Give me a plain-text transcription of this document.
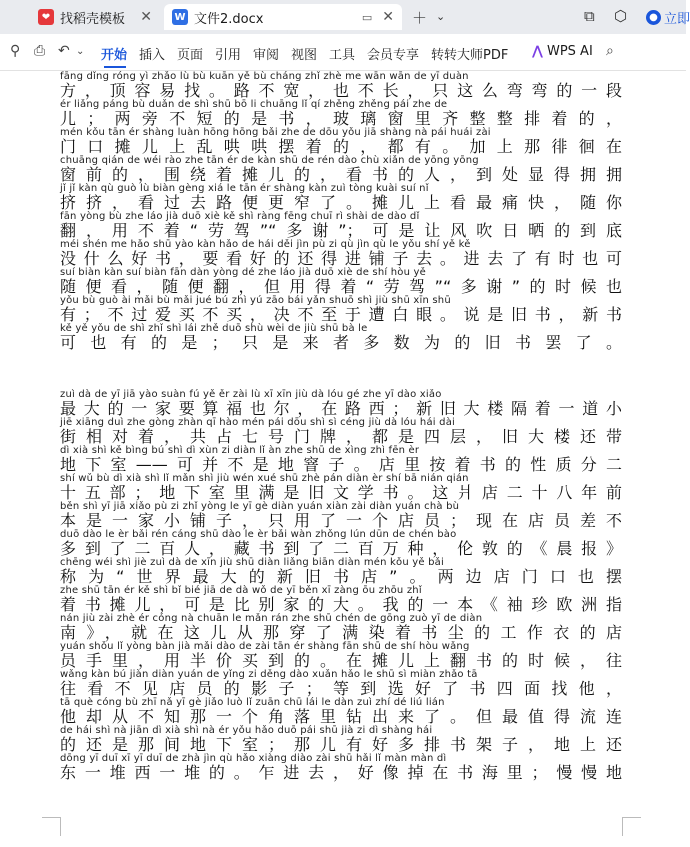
❤ 找稻壳模板	✕ W 文件2.docx	▭ ✕ ＋ ⌄	⧉ ⬡	● 立即
⚲ ⎙ ↶ ⌄ 开始 插入 页面 引用 审阅 视图 工具 会员专享 转转大师PDF ⋀ WPS AI ⌕
fāng dǐng róng yì zhǎo lù bù kuān yě bù cháng zhǐ zhè me wān wān de yī duàn
方，顶容易找。路不宽，也不长，只这么弯弯的一段
ér liǎng páng bù duǎn de shì shū bō li chuāng lǐ qí zhěng zhěng pái zhe de
儿；两旁不短的是书，玻璃窗里齐整整排着的，
mén kǒu tān ér shàng luàn hōng hōng bǎi zhe de dōu yǒu jiā shàng nà pái huái zài
门口摊儿上乱哄哄摆着的，都有。加上那徘徊在
chuāng qián de wéi rào zhe tān ér de kàn shū de rén dào chù xiǎn de yōng yōng
窗前的，围绕着摊儿的，看书的人，到处显得拥拥
jǐ jǐ kàn qù guò lù biàn gèng xiá le tān ér shàng kàn zuì tòng kuài suí nǐ
挤挤，看过去路便更窄了。摊儿上看最痛快，随你
fān yòng bù zhe láo jià duō xiè kě shì ràng fēng chuī rì shài de dào dǐ
翻，用不着“劳驾”“多谢”；可是让风吹日晒的到底
méi shén me hǎo shū yào kàn hǎo de hái děi jìn pù zi qù jìn qù le yǒu shí yě kě
没什么好书，要看好的还得进铺子去。进去了有时也可
suí biàn kàn suí biàn fān dàn yòng dé zhe láo jià duō xiè de shí hòu yě
随便看，随便翻，但用得着“劳驾”“多谢”的时候也
yǒu bù guò ài mǎi bù mǎi jué bú zhì yú zāo bái yǎn shuō shì jiù shū xīn shū
有；不过爱买不买，决不至于遭白眼。说是旧书，新书
kě yě yǒu de shì zhǐ shì lái zhě duō shù wèi de jiù shū bà le
可也有的是；只是来者多数为的旧书罢了。
zuì dà de yī jiā yào suàn fú yě ěr zài lù xī xīn jiù dà lóu gé zhe yī dào xiǎo
最大的一家要算福也尔，在路西；新旧大楼隔着一道小
jiē xiāng duì zhe gòng zhàn qī hào mén pái dōu shì sì céng jiù dà lóu hái dài
街相对着，共占七号门牌，都是四层，旧大楼还带
dì xià shì kě bìng bú shì dì xùn zi diàn lǐ àn zhe shū de xìng zhì fēn èr
地下室——可并不是地窨子。店里按着书的性质分二
shí wǔ bù dì xià shì lǐ mǎn shì jiù wén xué shū zhè pán diàn èr shí bā nián qián
十五部；地下室里满是旧文学书。这爿店二十八年前
běn shì yī jiā xiǎo pù zi zhǐ yòng le yī gè diàn yuán xiàn zài diàn yuán chà bù
本是一家小铺子，只用了一个店员；现在店员差不
duō dào le èr bǎi rén cáng shū dào le èr bǎi wàn zhǒng lún dūn de chén bào
多到了二百人，藏书到了二百万种，伦敦的《晨报》
chēng wéi shì jiè zuì dà de xīn jiù shū diàn liǎng biān diàn mén kǒu yě bǎi
称为“世界最大的新旧书店”。两边店门口也摆
zhe shū tān ér kě shì bǐ bié jiā de dà wǒ de yī běn xī zàng ōu zhōu zhǐ
着书摊儿，可是比别家的大。我的一本《袖珍欧洲指
nán jiù zài zhè ér cóng nà chuān le mǎn rán zhe shū chén de gōng zuò yī de diàn
南》，就在这儿从那穿了满染着书尘的工作衣的店
yuán shǒu lǐ yòng bàn jià mǎi dào de zài tān ér shàng fān shū de shí hòu wǎng
员手里，用半价买到的。在摊儿上翻书的时候，往
wǎng kàn bú jiàn diàn yuán de yǐng zi děng dào xuǎn hǎo le shū sì miàn zhǎo tā
往看不见店员的影子；等到选好了书四面找他，
tā què cóng bù zhī nǎ yī gè jiǎo luò lǐ zuān chū lái le dàn zuì zhí dé liú lián
他却从不知那一个角落里钻出来了。但最值得流连
de hái shì nà jiān dì xià shì nà ér yǒu hǎo duō pái shū jià zi dì shàng hái
的还是那间地下室；那儿有好多排书架子，地上还
dōng yī duī xī yī duī de zhà jìn qù hǎo xiàng diào zài shū hǎi lǐ màn màn dì
东一堆西一堆的。乍进去，好像掉在书海里；慢慢地
